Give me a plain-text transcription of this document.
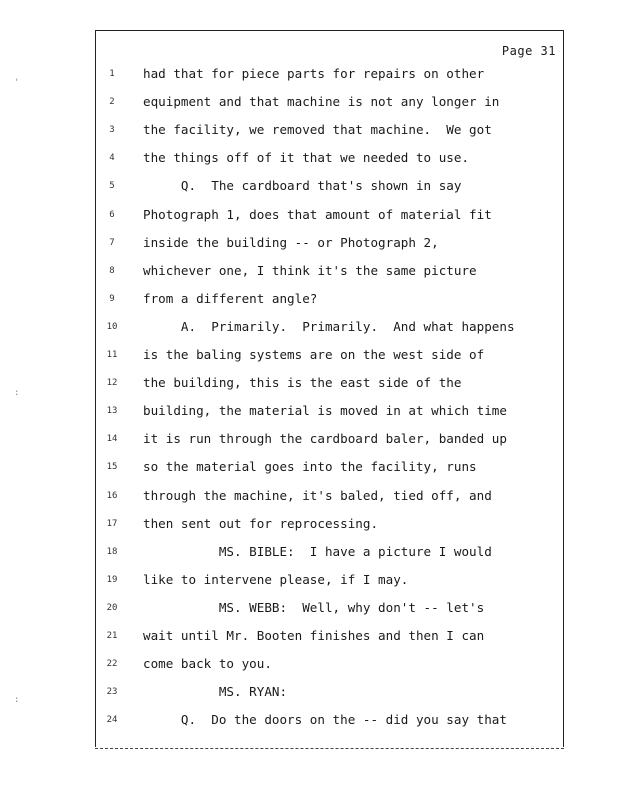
Page 31
'
:
:
1	had that for piece parts for repairs on other
2	equipment and that machine is not any longer in
3	the facility, we removed that machine.  We got
4	the things off of it that we needed to use.
5	Q.  The cardboard that's shown in say
6	Photograph 1, does that amount of material fit
7	inside the building -- or Photograph 2,
8	whichever one, I think it's the same picture
9	from a different angle?
10	A.  Primarily.  Primarily.  And what happens
11	is the baling systems are on the west side of
12	the building, this is the east side of the
13	building, the material is moved in at which time
14	it is run through the cardboard baler, banded up
15	so the material goes into the facility, runs
16	through the machine, it's baled, tied off, and
17	then sent out for reprocessing.
18	MS. BIBLE:  I have a picture I would
19	like to intervene please, if I may.
20	MS. WEBB:  Well, why don't -- let's
21	wait until Mr. Booten finishes and then I can
22	come back to you.
23	MS. RYAN:
24	Q.  Do the doors on the -- did you say that
